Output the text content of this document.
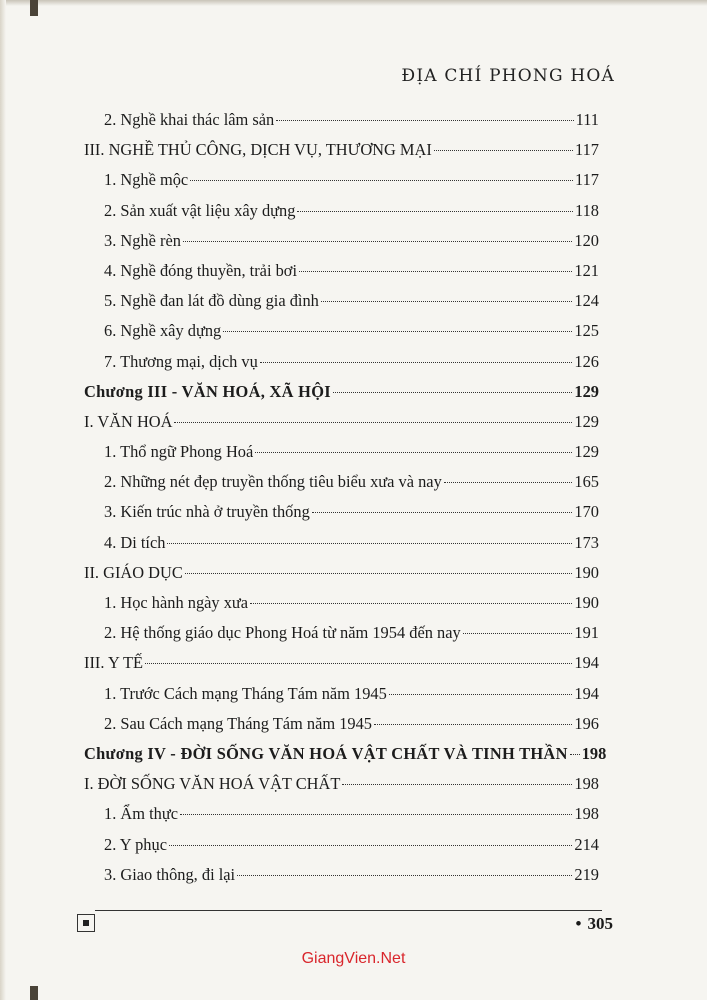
ĐỊA CHÍ PHONG HOÁ
2. Nghề khai thác lâm sản	111
III. NGHỀ THỦ CÔNG, DỊCH VỤ, THƯƠNG MẠI	117
1. Nghề mộc	117
2. Sản xuất vật liệu xây dựng	118
3. Nghề rèn	120
4. Nghề đóng thuyền, trải bơi	121
5. Nghề đan lát đồ dùng gia đình	124
6. Nghề xây dựng	125
7. Thương mại, dịch vụ	126
Chương III - VĂN HOÁ, XÃ HỘI	129
I. VĂN HOÁ	129
1. Thổ ngữ Phong Hoá	129
2. Những nét đẹp truyền thống tiêu biểu xưa và nay	165
3. Kiến trúc nhà ở truyền thống	170
4. Di tích	173
II. GIÁO DỤC	190
1. Học hành ngày xưa	190
2. Hệ thống giáo dục Phong Hoá từ năm 1954 đến nay	191
III. Y TẾ	194
1. Trước Cách mạng Tháng Tám năm 1945	194
2. Sau Cách mạng Tháng Tám năm 1945	196
Chương IV - ĐỜI SỐNG VĂN HOÁ VẬT CHẤT VÀ TINH THẦN 198
I. ĐỜI SỐNG VĂN HOÁ VẬT CHẤT	198
1. Ẩm thực	198
2. Y phục	214
3. Giao thông, đi lại	219
• 305
GiangVien.Net
